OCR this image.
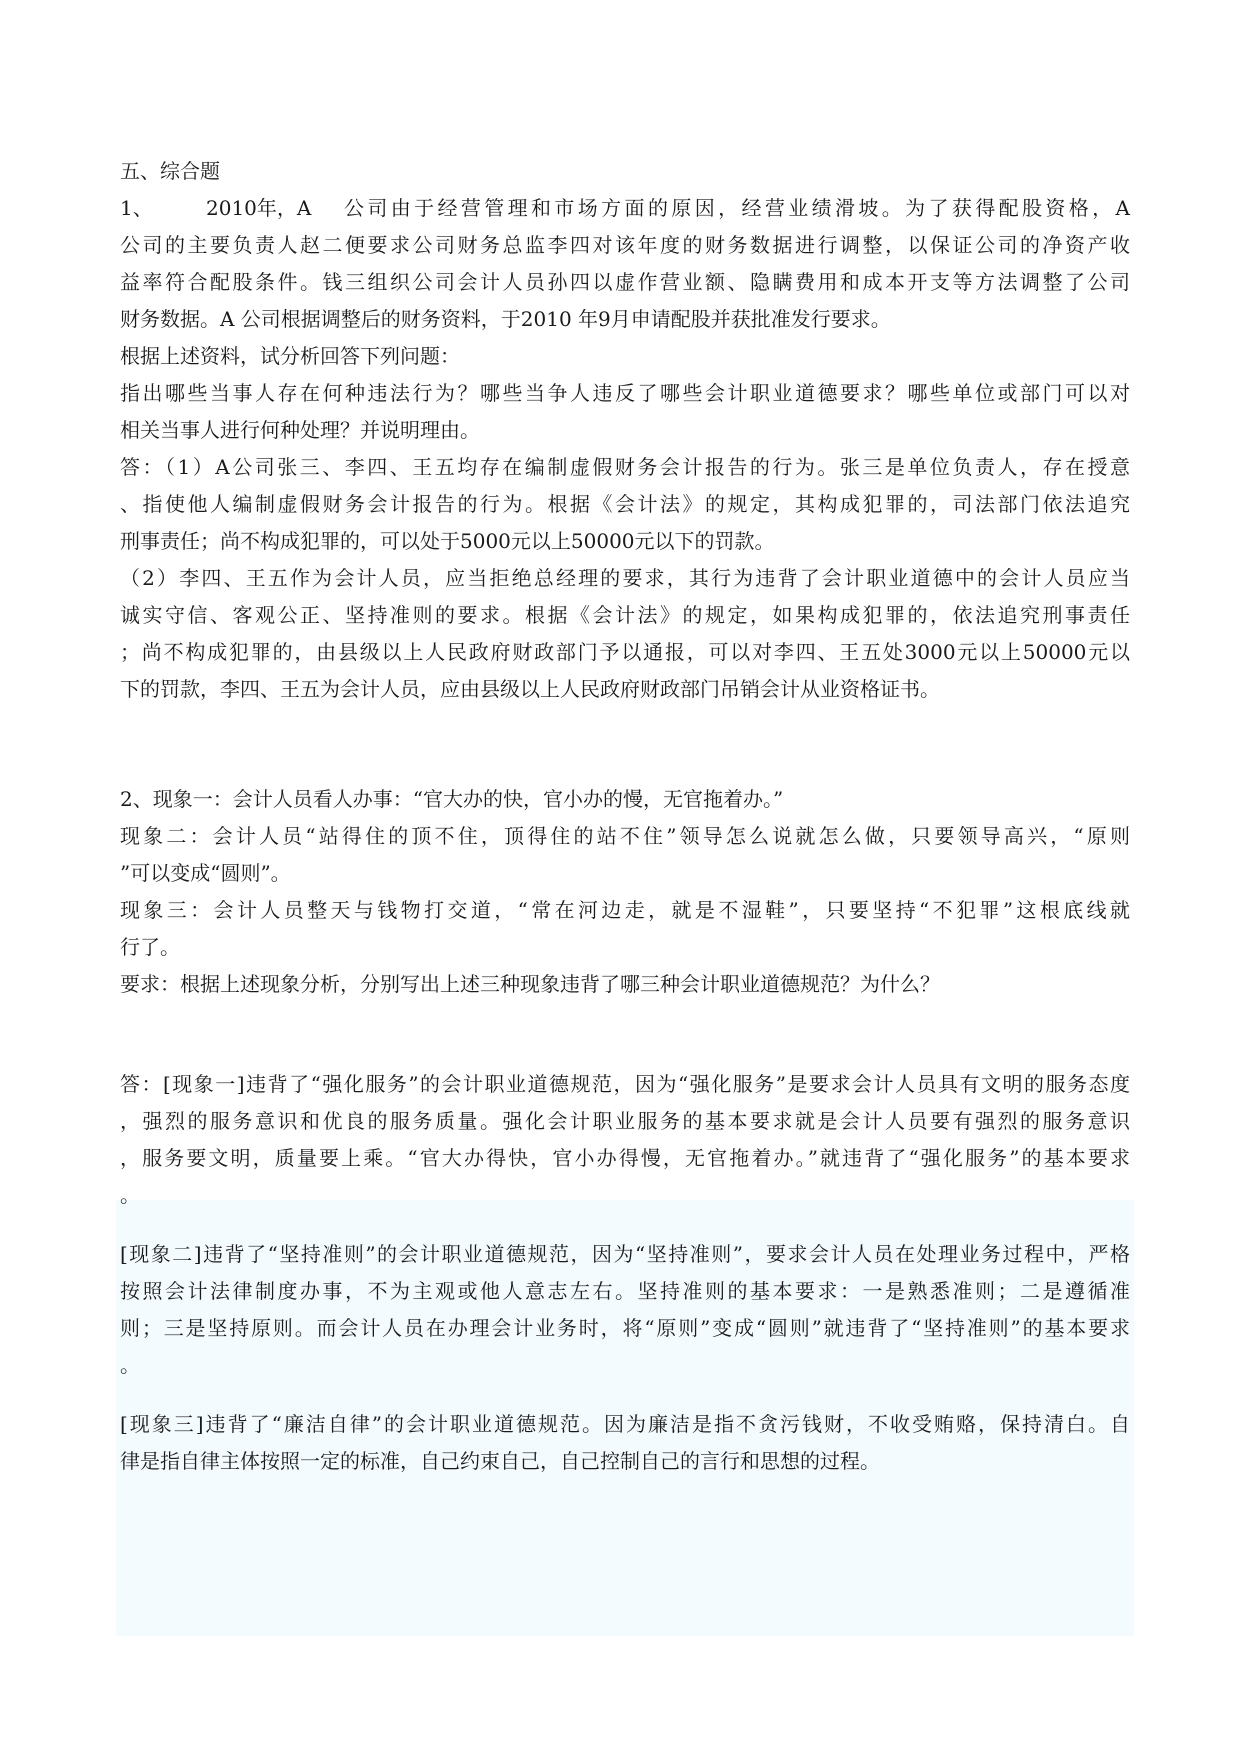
五、综合题
1、	2010年，A 公司由于经营管理和市场方面的原因，经营业绩滑坡。为了获得配股资格，A
公司的主要负责人赵二便要求公司财务总监李四对该年度的财务数据进行调整，以保证公司的净资产收
益率符合配股条件。钱三组织公司会计人员孙四以虚作营业额、隐瞒费用和成本开支等方法调整了公司
财务数据。A 公司根据调整后的财务资料，于2010 年9月申请配股并获批准发行要求。
根据上述资料，试分析回答下列问题：
指出哪些当事人存在何种违法行为？哪些当争人违反了哪些会计职业道德要求？哪些单位或部门可以对
相关当事人进行何种处理？并说明理由。
答：（1）A公司张三、李四、王五均存在编制虚假财务会计报告的行为。张三是单位负责人，存在授意
、指使他人编制虚假财务会计报告的行为。根据《会计法》的规定，其构成犯罪的，司法部门依法追究
刑事责任；尚不构成犯罪的，可以处于5000元以上50000元以下的罚款。
（2）李四、王五作为会计人员，应当拒绝总经理的要求，其行为违背了会计职业道德中的会计人员应当
诚实守信、客观公正、坚持准则的要求。根据《会计法》的规定，如果构成犯罪的，依法追究刑事责任
；尚不构成犯罪的，由县级以上人民政府财政部门予以通报，可以对李四、王五处3000元以上50000元以
下的罚款，李四、王五为会计人员，应由县级以上人民政府财政部门吊销会计从业资格证书。
2、现象一：会计人员看人办事：“官大办的快，官小办的慢，无官拖着办。”
现象二：会计人员“站得住的顶不住，顶得住的站不住”领导怎么说就怎么做，只要领导高兴，“原则
”可以变成“圆则”。
现象三：会计人员整天与钱物打交道，“常在河边走，就是不湿鞋”，只要坚持“不犯罪”这根底线就
行了。
要求：根据上述现象分析，分别写出上述三种现象违背了哪三种会计职业道德规范？为什么？
答：[现象一]违背了“强化服务”的会计职业道德规范，因为“强化服务”是要求会计人员具有文明的服务态度
，强烈的服务意识和优良的服务质量。强化会计职业服务的基本要求就是会计人员要有强烈的服务意识
，服务要文明，质量要上乘。“官大办得快，官小办得慢，无官拖着办。”就违背了“强化服务”的基本要求
。
[现象二]违背了“坚持准则”的会计职业道德规范，因为“坚持准则”，要求会计人员在处理业务过程中，严格
按照会计法律制度办事，不为主观或他人意志左右。坚持准则的基本要求：一是熟悉准则；二是遵循准
则；三是坚持原则。而会计人员在办理会计业务时，将“原则”变成“圆则”就违背了“坚持准则”的基本要求
。
[现象三]违背了“廉洁自律”的会计职业道德规范。因为廉洁是指不贪污钱财，不收受贿赂，保持清白。自
律是指自律主体按照一定的标准，自己约束自己，自己控制自己的言行和思想的过程。
